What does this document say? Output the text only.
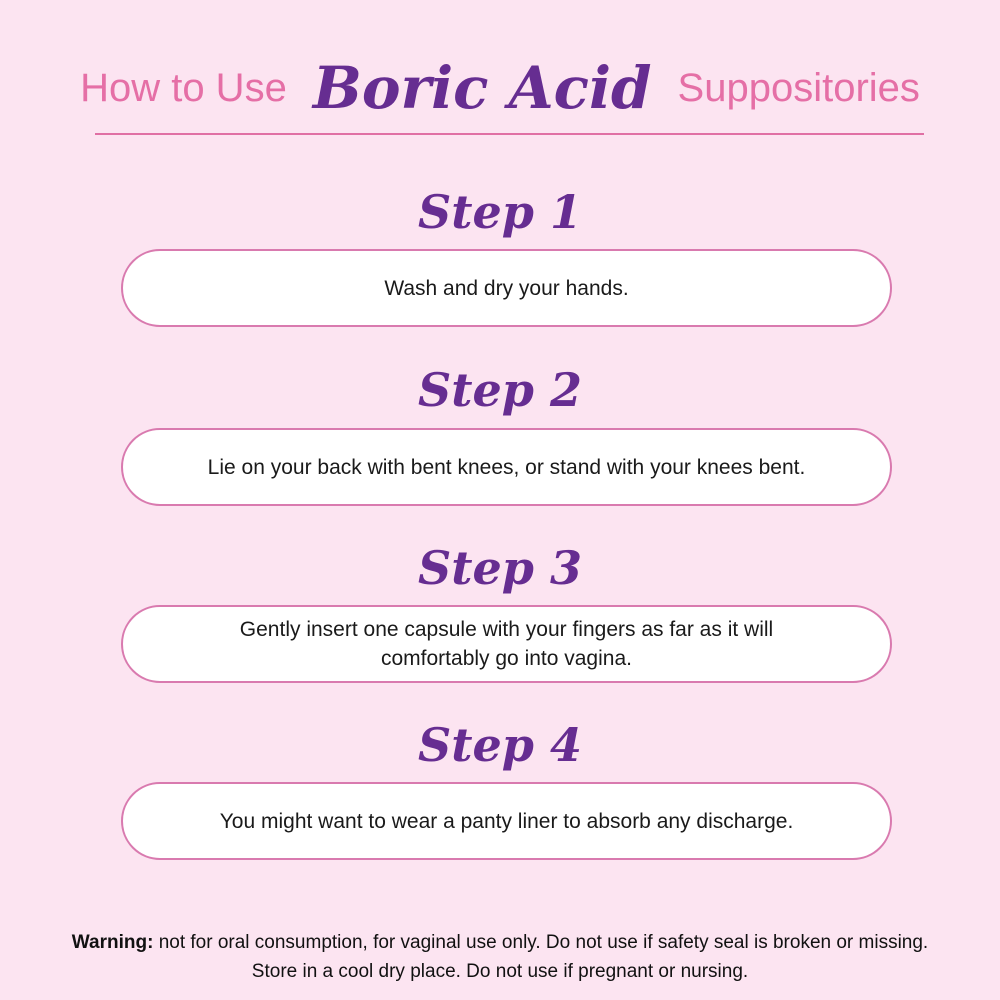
How to Use Boric Acid Suppositories
Step 1
Wash and dry your hands.
Step 2
Lie on your back with bent knees, or stand with your knees bent.
Step 3
Gently insert one capsule with your fingers as far as it will comfortably go into vagina.
Step 4
You might want to wear a panty liner to absorb any discharge.
Warning: not for oral consumption, for vaginal use only. Do not use if safety seal is broken or missing.
Store in a cool dry place. Do not use if pregnant or nursing.
